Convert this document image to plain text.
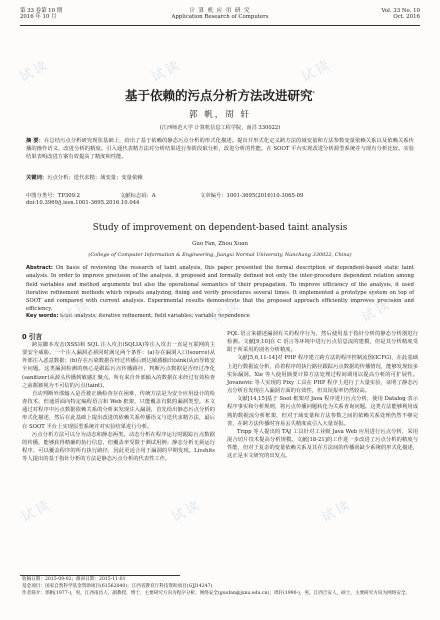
第 33 卷第 10 期
2016 年 10 月
计 算 机 应 用 研 究
Application Research of Computers
Vol. 33 No. 10
Oct. 2016
基于依赖的污点分析方法改进研究*
郭 帆，周 轩
(江西师范大学 计算机信息工程学院，南昌 330022)
摘 要：在总结污点分析研究现状基础上，给出了基于依赖的静态污点分析的形式化描述。提出并形式化定义跨方法的域变量和方法参数变量依赖关系以及依赖关系传播的操作语义，改进分析的精度。引入通代表精方法对分析结果进行参阶段取分析，改进分析的性能。在 SOOT 平台实现改进分析源型系统并与现有分析比较。实验结果表明改进方案有效提高了精度和性能。
关键词：污点分析；迭代求精；域变量；变量依赖
中图分类号：TP309.2	文献标志码：A	文章编号：1001-3695(2016)10-3065-09
doi:10.3969/j.issn.1001-3695.2016.10.044
Study of improvement on dependent-based taint analysis
Guo Fan, Zhou Xuan
(College of Computer Information & Engineering, Jiangxi Normal University, Nanchang 330022, China)
Abstract: On basis of reviewing the research of taint analysis, this paper presented the formal description of dependent-based static taint analysis. In order to improve precision of the analysis, it proposed and formally defined not only the inter-procedure dependent relation among field variables and method arguments but also the operational semantics of their propagation. To improve efficiency of the analysis, it used iterative refinement methods which repeats analyzing, fixing and verify procedures several times. It implemented a prototype system on top of SOOT and compared with current analysis. Experimental results demonstrate that the proposed approach efficiently improves precision and efficiency.
Key words: taint analysis; iterative refinement; field variables; variable dependence
0 引言

跨站脚本攻击(XSS)和 SQL 注入攻击(SQLIA)等注入攻击一直是互联网的主要安全威胁。一个注入漏洞必须同时满足两个条件：(a)存在漏洞入口(source)从外部注入恶意数据；(b)存在污染数据在经过传播后到达敏感输出(sink)从而导致安全问题。这类漏洞检测的核心是跟踪污点传播路径，判断污点数据是否经过净化(sanitizer)从源头传播到敏感汇聚点。所有来自外部输入的数据在未经过有效检查之前都被视为不可信的污点(taint)。

自动判断外部输入是否被正确检查存在困难，传统方法是为安全应用设计的检查技术，但通常面向特定编程语言和 Web 框架，只能覆盖有限的漏洞类型。本文通过对程序中污点数据依赖关系的分析来发现注入漏洞，首先给出静态污点分析的形式化描述，然后在此基础上提出改进的依赖关系传播语义与迭代求精方法，最后在 SOOT 平台上实现原型系统并对实验结果进行分析。

污点分析方法可以分为动态和静态两类。动态分析在程序运行时跟踪污点数据的传播，能够获得精确的执行信息，但覆盖率受限于测试用例；静态分析无须运行程序，可以覆盖程序的所有执行路径，因此更适合用于漏洞的早期发现。Livshits 等人提出的基于指针分析的方法是静态污点分析的代表性工作。

PQL 语言来描述漏洞有关的程序行为，然后使用基于指针分析的静态分析器进行检测。文献[9,10]在 C 语言等环境中进行污点信息流的建模，但是其分析精度受限于所采用的别名分析精度。

文献[5,6,11-14]对 PHP 程序建立跨方法的程序控制流图(ICFG)，在此基础上进行数据流分析，沿着程序的执行路径跟踪污点数据的传播情况，能够发现较多实际漏洞。Xie 等人使用摘要计算方法处理过程间调用以提高分析的可扩展性。Jovanovic 等人实现的 Pixy 工具在 PHP 程序上进行了大量实验，证明了静态污点分析在发现注入漏洞方面的有效性，但其误报率仍然较高。

文献[14,15]基于 Soot 框架对 Java 程序进行污点分析，使用 Datalog 表示程序事实和分析规则，将污点传播问题转化为关系查询问题。这类方法能够利用成熟的数据流分析框架，但对于域变量和方法参数之间的依赖关系处理仍然不够完善，在跨方法传播时容易丢失精度或引入大量误报。

Tripp 等人提出的 TAJ 工具针对工业级 Java Web 应用进行污点分析，采用混合切片技术提高分析规模。文献[18-21]的工作进一步改进了污点分析的精度与性能，但对于复杂的变量依赖关系及其在方法间的传播尚缺少系统的形式化描述，这正是本文研究的出发点。

收稿日期：2015-09-02；修回日期：2015-11-01
基金项目：国家自然科学基金资助项目(61562040)；江西省教育厅科技资助项目(GJJ14247)
作者简介：郭帆(1977-)，男，江西南昌人，副教授，博士，主要研究方向为程序分析、网络安全(guofan@jxnu.edu.cn)；周轩(1990-)，男，江西吉安人，硕士，主要研究方向为网络安全。
试读	试读	试读
试读	试读	试读
试读	试读	试读
